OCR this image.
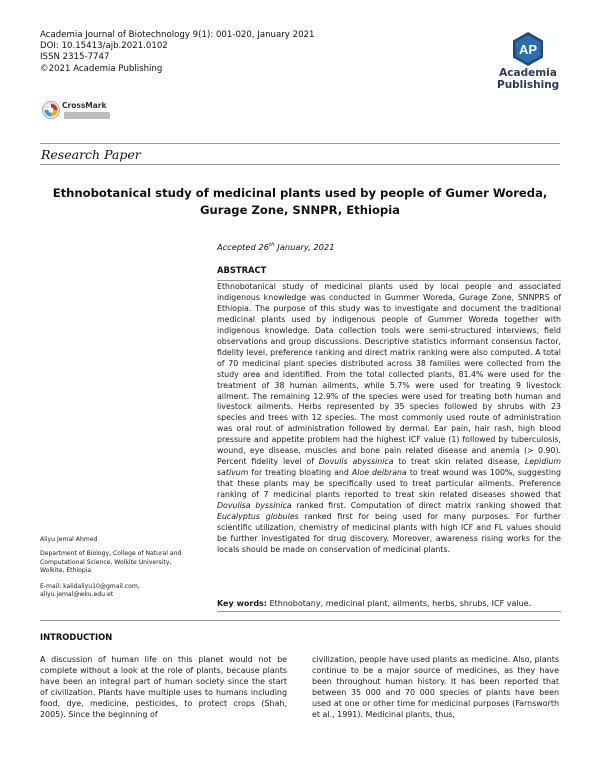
Academia Journal of Biotechnology 9(1): 001-020, January 2021
DOI: 10.15413/ajb.2021.0102
ISSN 2315-7747
©2021 Academia Publishing
AP
Academia
Publishing
CrossMark
Research Paper
Ethnobotanical study of medicinal plants used by people of Gumer Woreda,
Gurage Zone, SNNPR, Ethiopia
Accepted 26th January, 2021
ABSTRACT
Ethnobotanical study of medicinal plants used by local people and associated indigenous knowledge was conducted in Gummer Woreda, Gurage Zone, SNNPRS of Ethiopia. The purpose of this study was to investigate and document the traditional medicinal plants used by indigenous people of Gummer Woreda together with indigenous knowledge. Data collection tools were semi-structured interviews, field observations and group discussions. Descriptive statistics informant consensus factor, fidelity level, preference ranking and direct matrix ranking were also computed. A total of 70 medicinal plant species distributed across 38 families were collected from the study area and identified. From the total collected plants, 81.4% were used for the treatment of 38 human ailments, while 5.7% were used for treating 9 livestock ailment. The remaining 12.9% of the species were used for treating both human and livestock ailments. Herbs represented by 35 species followed by shrubs with 23 species and trees with 12 species. The most commonly used route of administration was oral rout of administration followed by dermal. Ear pain, hair rash, high blood pressure and appetite problem had the highest ICF value (1) followed by tuberculosis, wound, eye disease, muscles and bone pain related disease and anemia (> 0.90). Percent fidelity level of Dovulis abyssinica to treat skin related disease, Lepidium sativum for treating bloating and Aloe deibrana to treat wound was 100%, suggesting that these plants may be specifically used to treat particular ailments. Preference ranking of 7 medicinal plants reported to treat skin related diseases showed that Dovulisa byssinica ranked first. Computation of direct matrix ranking showed that Eucalyptus globules ranked first for being used for many purposes. For further scientific utilization, chemistry of medicinal plants with high ICF and FL values should be further investigated for drug discovery. Moreover, awareness rising works for the locals should be made on conservation of medicinal plants.
Key words: Ethnobotany, medicinal plant, ailments, herbs, shrubs, ICF value.
Aliyu Jemal Ahmed
Department of Biology, College of Natural and Computational Science, Wolkite University, Wolkite, Ethiopia
E-mail: kalidaliyu10@gmail.com, aliyu.jemal@wku.edu.et
INTRODUCTION
A discussion of human life on this planet would not be complete without a look at the role of plants, because plants have been an integral part of human society since the start of civilization. Plants have multiple uses to humans including food, dye, medicine, pesticides, to protect crops (Shah, 2005). Since the beginning of
civilization, people have used plants as medicine. Also, plants continue to be a major source of medicines, as they have been throughout human history. It has been reported that between 35 000 and 70 000 species of plants have been used at one or other time for medicinal purposes (Farnsworth et al., 1991). Medicinal plants, thus,
